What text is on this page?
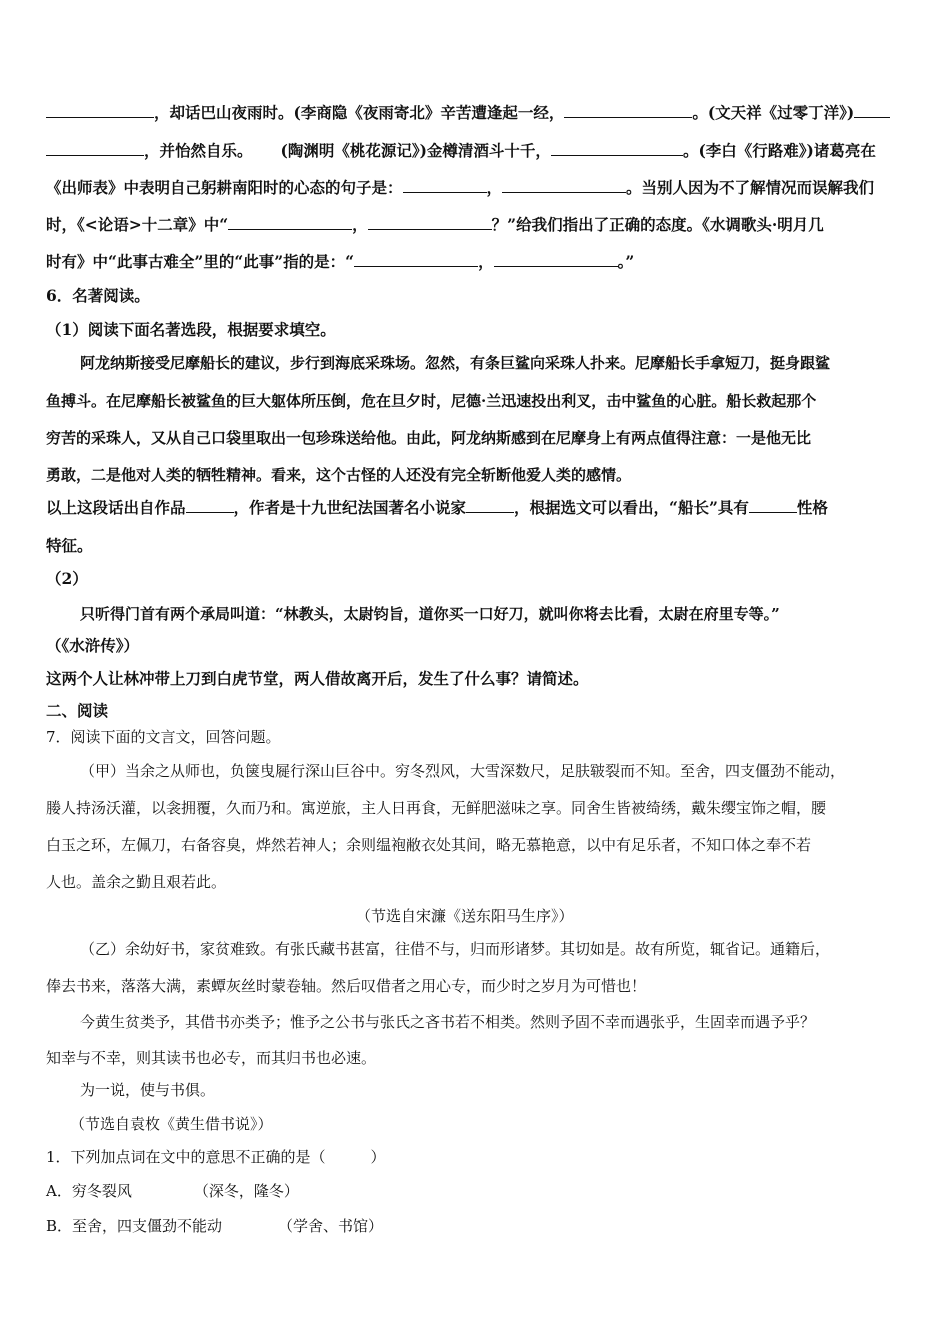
，却话巴山夜雨时。(李商隐《夜雨寄北》辛苦遭逢起一经，	。(文天祥《过零丁洋》)
，并怡然自乐。 (陶渊明《桃花源记》)金樽清酒斗十千，	。(李白《行路难》)诸葛亮在
《出师表》中表明自己躬耕南阳时的心态的句子是：	，	。当别人因为不了解情况而误解我们
时，《<论语>十二章》中“	，	？”给我们指出了正确的态度。《水调歌头·明月几
时有》中“此事古难全”里的“此事”指的是：“	，	。”
6．名著阅读。
（1）阅读下面名著选段，根据要求填空。
阿龙纳斯接受尼摩船长的建议，步行到海底采珠场。忽然，有条巨鲨向采珠人扑来。尼摩船长手拿短刀，挺身跟鲨
鱼搏斗。在尼摩船长被鲨鱼的巨大躯体所压倒，危在旦夕时，尼德·兰迅速投出利叉，击中鲨鱼的心脏。船长救起那个
穷苦的采珠人，又从自己口袋里取出一包珍珠送给他。由此，阿龙纳斯感到在尼摩身上有两点值得注意：一是他无比
勇敢，二是他对人类的牺牲精神。看来，这个古怪的人还没有完全斩断他爱人类的感情。
以上这段话出自作品	，作者是十九世纪法国著名小说家	，根据选文可以看出，“船长”具有	性格
特征。
（2）
只听得门首有两个承局叫道：“林教头，太尉钧旨，道你买一口好刀，就叫你将去比看，太尉在府里专等。”
（《水浒传》）
这两个人让林冲带上刀到白虎节堂，两人借故离开后，发生了什么事？请简述。
二、阅读
7．阅读下面的文言文，回答问题。
（甲）当余之从师也，负箧曳屣行深山巨谷中。穷冬烈风，大雪深数尺，足肤皲裂而不知。至舍，四支僵劲不能动，
媵人持汤沃灌，以衾拥覆，久而乃和。寓逆旅，主人日再食，无鲜肥滋味之享。同舍生皆被绮绣，戴朱缨宝饰之帽，腰
白玉之环，左佩刀，右备容臭，烨然若神人；余则缊袍敝衣处其间，略无慕艳意，以中有足乐者，不知口体之奉不若
人也。盖余之勤且艰若此。
（节选自宋濂《送东阳马生序》）
（乙）余幼好书，家贫难致。有张氏藏书甚富，往借不与，归而形诸梦。其切如是。故有所览，辄省记。通籍后，
俸去书来，落落大满，素蟫灰丝时蒙卷轴。然后叹借者之用心专，而少时之岁月为可惜也！
今黄生贫类予，其借书亦类予；惟予之公书与张氏之吝书若不相类。然则予固不幸而遇张乎，生固幸而遇予乎？
知幸与不幸，则其读书也必专，而其归书也必速。
为一说，使与书俱。
（节选自袁枚《黄生借书说》）
1．下列加点词在文中的意思不正确的是（　　　）
A．穷冬裂风	（深冬，隆冬）
B．至舍，四支僵劲不能动	（学舍、书馆）
